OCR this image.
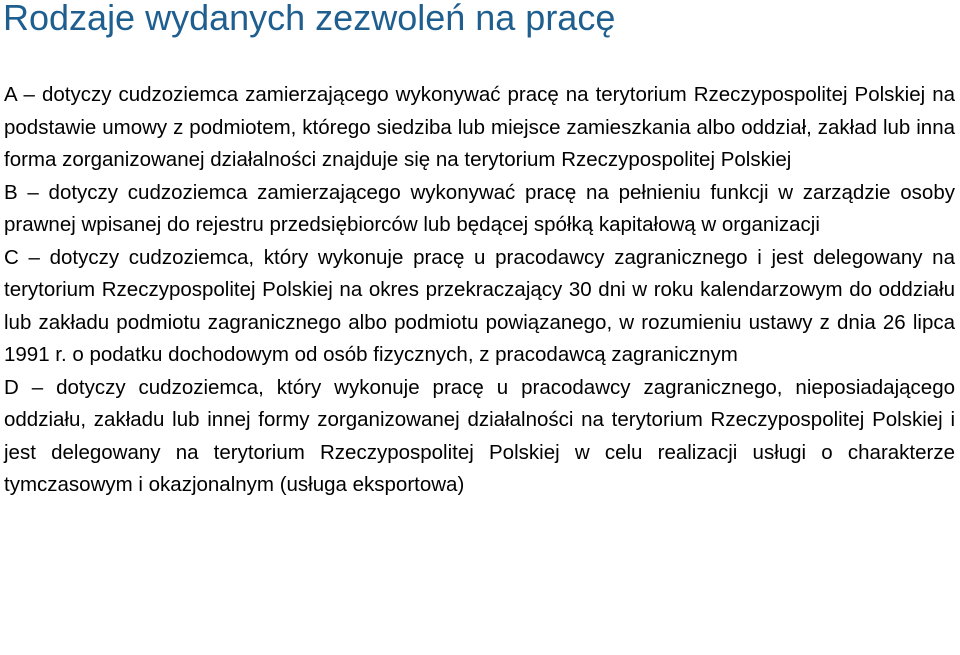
Rodzaje wydanych zezwoleń na pracę

A – dotyczy cudzoziemca zamierzającego wykonywać pracę na terytorium Rzeczypospolitej Polskiej na podstawie umowy z podmiotem, którego siedziba lub miejsce zamieszkania albo oddział, zakład lub inna forma zorganizowanej działalności znajduje się na terytorium Rzeczypospolitej Polskiej

B – dotyczy cudzoziemca zamierzającego wykonywać pracę na pełnieniu funkcji w zarządzie osoby prawnej wpisanej do rejestru przedsiębiorców lub będącej spółką kapitałową w organizacji

C – dotyczy cudzoziemca, który wykonuje pracę u pracodawcy zagranicznego i jest delegowany na terytorium Rzeczypospolitej Polskiej na okres przekraczający 30 dni w roku kalendarzowym do oddziału lub zakładu podmiotu zagranicznego albo podmiotu powiązanego, w rozumieniu ustawy z dnia 26 lipca 1991 r. o podatku dochodowym od osób fizycznych, z pracodawcą zagranicznym

D – dotyczy cudzoziemca, który wykonuje pracę u pracodawcy zagranicznego, nieposiadającego oddziału, zakładu lub innej formy zorganizowanej działalności na terytorium Rzeczypospolitej Polskiej i jest delegowany na terytorium Rzeczypospolitej Polskiej w celu realizacji usługi o charakterze tymczasowym i okazjonalnym (usługa eksportowa)
